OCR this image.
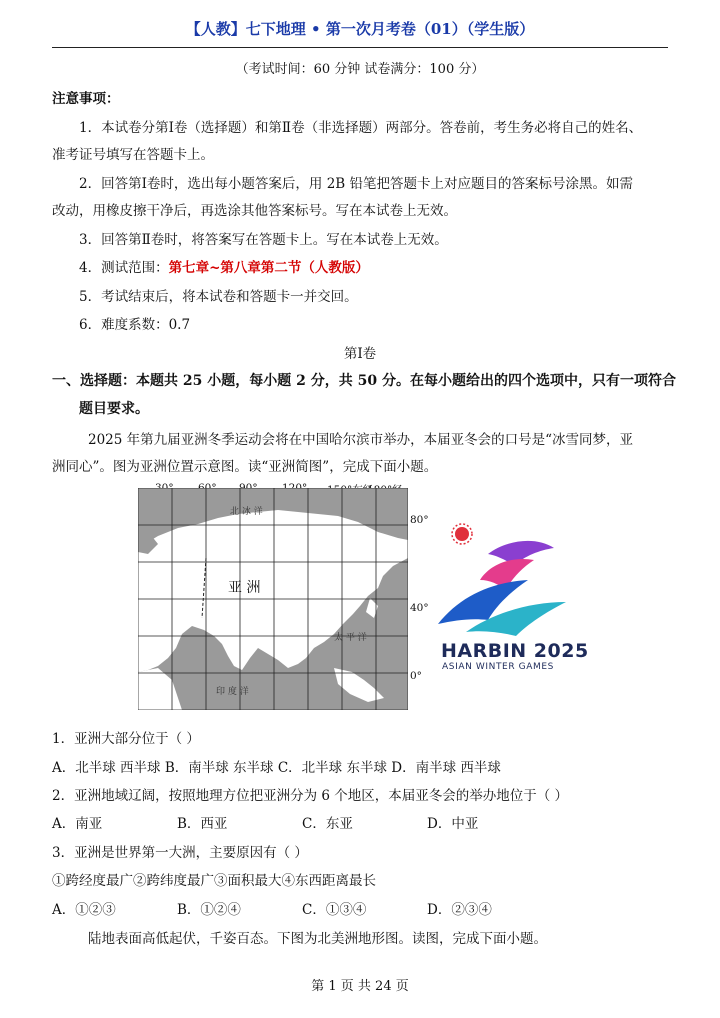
【人教】七下地理 • 第一次月考卷（01）（学生版）
（考试时间：60 分钟 试卷满分：100 分）
注意事项：
1．本试卷分第Ⅰ卷（选择题）和第Ⅱ卷（非选择题）两部分。答卷前，考生务必将自己的姓名、
准考证号填写在答题卡上。
2．回答第Ⅰ卷时，选出每小题答案后，用 2B 铅笔把答题卡上对应题目的答案标号涂黑。如需
改动，用橡皮擦干净后，再选涂其他答案标号。写在本试卷上无效。
3．回答第Ⅱ卷时，将答案写在答题卡上。写在本试卷上无效。
4．测试范围：第七章~第八章第二节（人教版）
5．考试结束后，将本试卷和答题卡一并交回。
6．难度系数：0.7
第Ⅰ卷
一、选择题：本题共 25 小题，每小题 2 分，共 50 分。在每小题给出的四个选项中，只有一项符合
题目要求。
2025 年第九届亚洲冬季运动会将在中国哈尔滨市举办，本届亚冬会的口号是“冰雪同梦，亚
洲同心”。图为亚洲位置示意图。读“亚洲简图”，完成下面小题。
亚 洲
北 冰 洋
太 平 洋
印 度 洋
80°
40°
0°
HARBIN 2025
ASIAN WINTER GAMES
1．亚洲大部分位于（ ）
A．北半球 西半球 B．南半球 东半球 C．北半球 东半球 D．南半球 西半球
2．亚洲地域辽阔，按照地理方位把亚洲分为 6 个地区，本届亚冬会的举办地位于（ ）
A．南亚	B．西亚	C．东亚	D．中亚
3．亚洲是世界第一大洲，主要原因有（ ）
①跨经度最广②跨纬度最广③面积最大④东西距离最长
A．①②③	B．①②④	C．①③④	D．②③④
陆地表面高低起伏，千姿百态。下图为北美洲地形图。读图，完成下面小题。
第 1 页 共 24 页
